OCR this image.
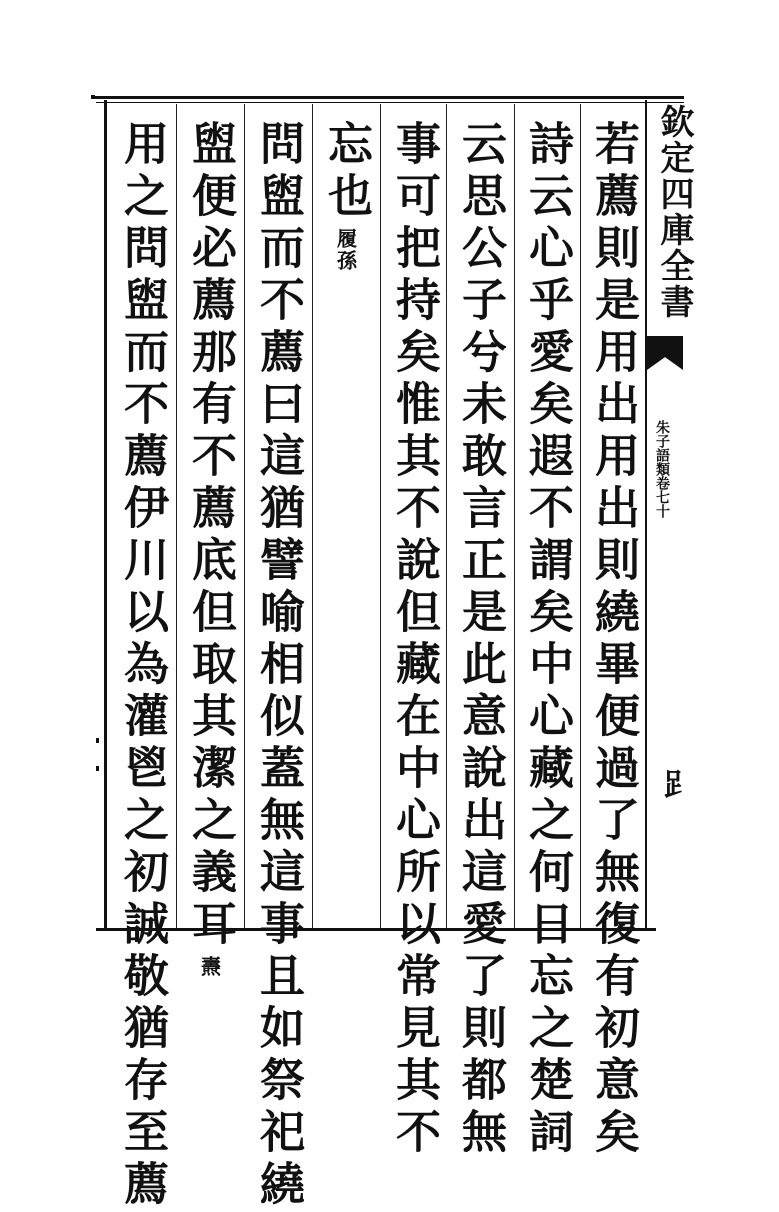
若薦則是用出用出則繞畢便過了無復有初意矣
詩云心乎愛矣遐不謂矣中心藏之何日忘之楚詞
云思公子兮未敢言正是此意說出這愛了則都無
事可把持矣惟其不說但藏在中心所以常見其不
忘也
履孫
問盥而不薦曰這猶譬喻相似蓋無這事且如祭祀繞
盥便必薦那有不薦底但取其潔之義耳
燾
用之問盥而不薦伊川以為灌鬯之初誠敬猶存至薦	欽定四庫全書
朱子語類卷七十
𧾷
